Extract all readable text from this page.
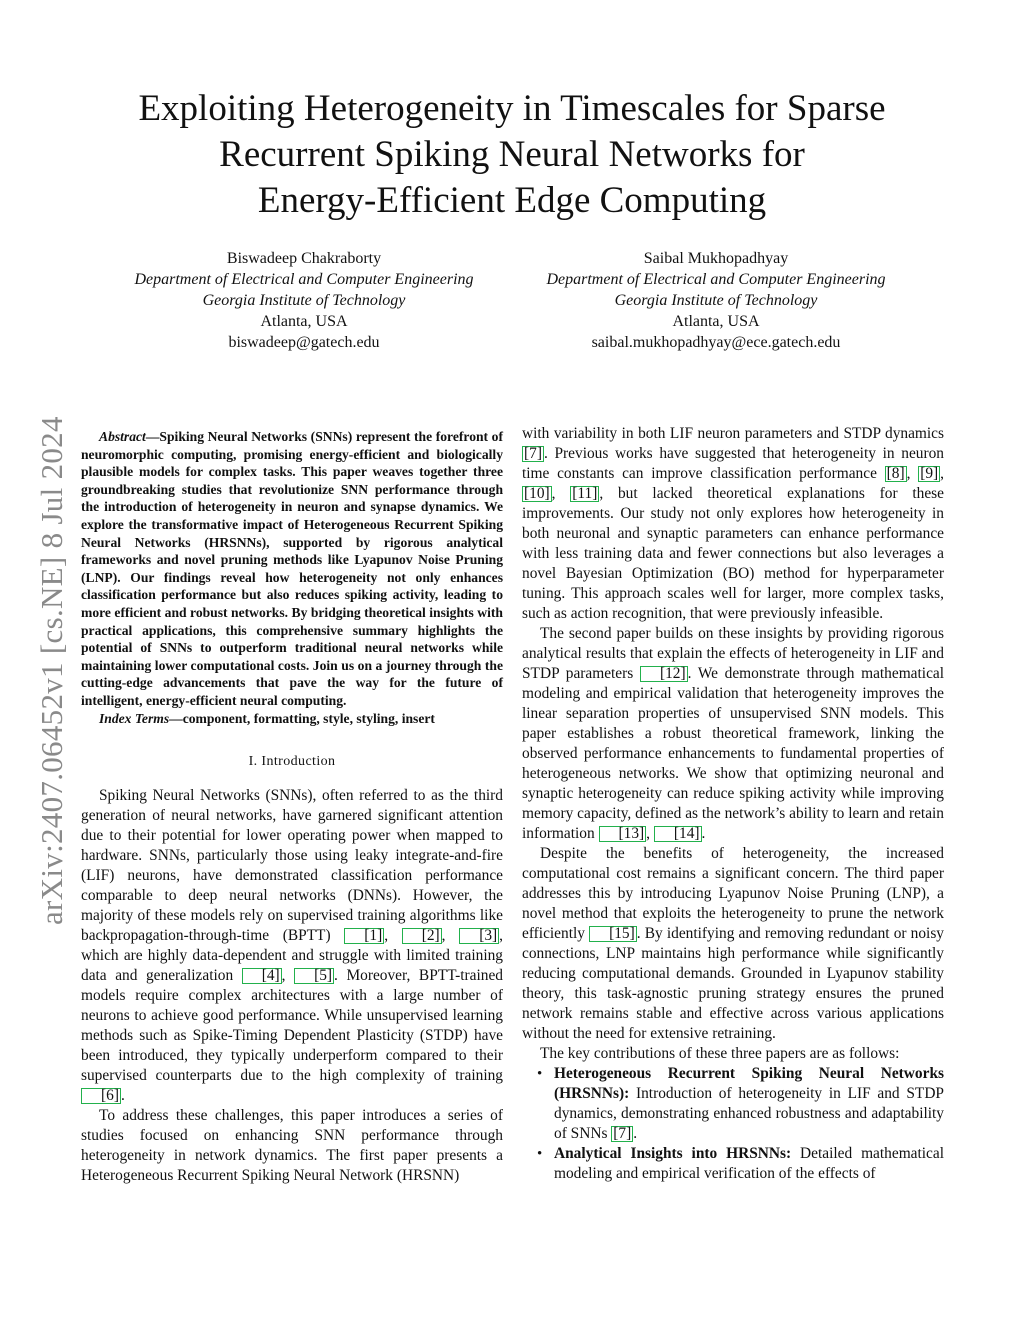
Exploiting Heterogeneity in Timescales for Sparse
Recurrent Spiking Neural Networks for
Energy-Efficient Edge Computing
Biswadeep Chakraborty
Department of Electrical and Computer Engineering
Georgia Institute of Technology
Atlanta, USA
biswadeep@gatech.edu
Saibal Mukhopadhyay
Department of Electrical and Computer Engineering
Georgia Institute of Technology
Atlanta, USA
saibal.mukhopadhyay@ece.gatech.edu
arXiv:2407.06452v1 [cs.NE] 8 Jul 2024	Abstract—Spiking Neural Networks (SNNs) represent the forefront of neuromorphic computing, promising energy-efficient and biologically plausible models for complex tasks. This paper weaves together three groundbreaking studies that revolutionize SNN performance through the introduction of heterogeneity in neuron and synapse dynamics. We explore the transformative impact of Heterogeneous Recurrent Spiking Neural Networks (HRSNNs), supported by rigorous analytical frameworks and novel pruning methods like Lyapunov Noise Pruning (LNP). Our findings reveal how heterogeneity not only enhances classification performance but also reduces spiking activity, leading to more efficient and robust networks. By bridging theoretical insights with practical applications, this comprehensive summary highlights the potential of SNNs to outperform traditional neural networks while maintaining lower computational costs. Join us on a journey through the cutting-edge advancements that pave the way for the future of intelligent, energy-efficient neural computing.

Index Terms—component, formatting, style, styling, insert

I. Introduction

Spiking Neural Networks (SNNs), often referred to as the third generation of neural networks, have garnered significant attention due to their potential for lower operating power when mapped to hardware. SNNs, particularly those using leaky integrate-and-fire (LIF) neurons, have demonstrated classification performance comparable to deep neural networks (DNNs). However, the majority of these models rely on supervised training algorithms like backpropagation-through-time (BPTT) [1] , [2] , [3] , which are highly data-dependent and struggle with limited training data and generalization [4] , [5] . Moreover, BPTT-trained models require complex architectures with a large number of neurons to achieve good performance. While unsupervised learning methods such as Spike-Timing Dependent Plasticity (STDP) have been introduced, they typically underperform compared to their supervised counterparts due to the high complexity of training [6] .

To address these challenges, this paper introduces a series of studies focused on enhancing SNN performance through heterogeneity in network dynamics. The first paper presents a Heterogeneous Recurrent Spiking Neural Network (HRSNN)

with variability in both LIF neuron parameters and STDP dynamics [7] . Previous works have suggested that heterogeneity in neuron time constants can improve classification performance [8] , [9] , [10] , [11] , but lacked theoretical explanations for these improvements. Our study not only explores how heterogeneity in both neuronal and synaptic parameters can enhance performance with less training data and fewer connections but also leverages a novel Bayesian Optimization (BO) method for hyperparameter tuning. This approach scales well for larger, more complex tasks, such as action recognition, that were previously infeasible.

The second paper builds on these insights by providing rigorous analytical results that explain the effects of heterogeneity in LIF and STDP parameters [12] . We demonstrate through mathematical modeling and empirical validation that heterogeneity improves the linear separation properties of unsupervised SNN models. This paper establishes a robust theoretical framework, linking the observed performance enhancements to fundamental properties of heterogeneous networks. We show that optimizing neuronal and synaptic heterogeneity can reduce spiking activity while improving memory capacity, defined as the network’s ability to learn and retain information [13] , [14] .

Despite the benefits of heterogeneity, the increased computational cost remains a significant concern. The third paper addresses this by introducing Lyapunov Noise Pruning (LNP), a novel method that exploits the heterogeneity to prune the network efficiently [15] . By identifying and removing redundant or noisy connections, LNP maintains high performance while significantly reducing computational demands. Grounded in Lyapunov stability theory, this task-agnostic pruning strategy ensures the pruned network remains stable and effective across various applications without the need for extensive retraining.

The key contributions of these three papers are as follows:

• Heterogeneous Recurrent Spiking Neural Networks (HRSNNs): Introduction of heterogeneity in LIF and STDP dynamics, demonstrating enhanced robustness and adaptability of SNNs [7] .
• Analytical Insights into HRSNNs: Detailed mathematical modeling and empirical verification of the effects of
